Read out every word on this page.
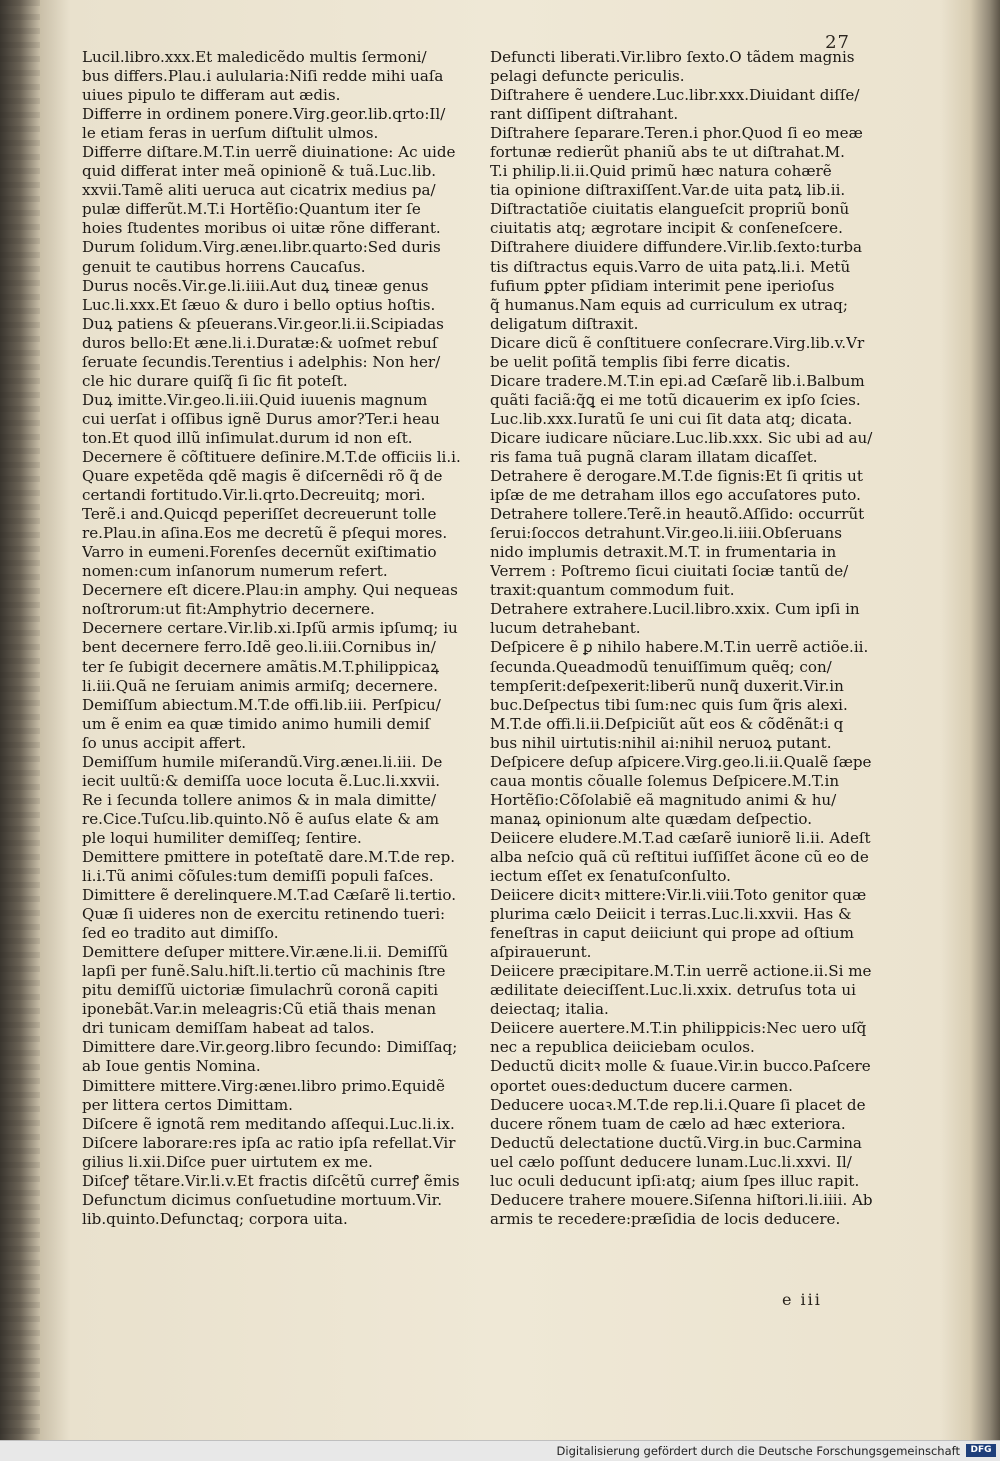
27
Lucil.libro.xxx.Et maledicẽdo multis ſermoni/
bus differs.Plau.i aulularia:Niſi redde mihi uaſa
uiues pipulo te differam aut ædis.
Differre in ordinem ponere.Virg.geor.lib.qrto:Il/
le etiam feras in uerſum diſtulit ulmos.
Differre diſtare.M.T.in uerrẽ diuinatione: Ac uide
quid differat inter meã opinionẽ & tuã.Luc.lib.
xxvii.Tamẽ aliti ueruca aut cicatrix medius pa/
pulæ differũt.M.T.i Hortẽſio:Quantum iter ſe
hoies ſtudentes moribus oi uitæ rõne differant.
Durum ſolidum.Virg.æneı.libr.quarto:Sed duris
genuit te cautibus horrens Caucaſus.
Durus nocẽs.Vir.ge.li.iiii.Aut duꝝ tineæ genus
Luc.li.xxx.Et ſæuo & duro i bello optius hoſtis.
Duꝝ patiens & pſeuerans.Vir.geor.li.ii.Scipiadas
duros bello:Et æne.li.i.Duratæ:& uoſmet rebuſ
ſeruate ſecundis.Terentius i adelphis: Non her/
cle hic durare quiſq̃ ſi ſic fit poteſt.
Duꝝ imitte.Vir.geo.li.iii.Quid iuuenis magnum
cui uerſat i oſſibus ignẽ Durus amor?Ter.i heau
ton.Et quod illũ inſimulat.durum id non eſt.
Decernere ẽ cõſtituere deſinire.M.T.de officiis li.i.
Quare expetẽda qdẽ magis ẽ diſcernẽdi rõ q̃ de
certandi fortitudo.Vir.li.qrto.Decreuitq; mori.
Terẽ.i and.Quicqd peperiſſet decreuerunt tolle
re.Plau.in aſina.Eos me decretũ ẽ pſequi mores.
Varro in eumeni.Forenſes decernũt exiſtimatio
nomen:cum inſanorum numerum refert.
Decernere eſt dicere.Plau:in amphy. Qui nequeas
noſtrorum:ut fit:Amphytrio decernere.
Decernere certare.Vir.lib.xi.Ipſũ armis ipſumq; iu
bent decernere ferro.Idẽ geo.li.iii.Cornibus in/
ter ſe ſubigit decernere amãtis.M.T.philippicaꝝ
li.iii.Quã ne ſeruiam animis armiſq; decernere.
Demiſſum abiectum.M.T.de offi.lib.iii. Perſpicu/
um ẽ enim ea quæ timido animo humili demiſ
ſo unus accipit affert.
Demiſſum humile miſerandũ.Virg.æneı.li.iii. De
iecit uultũ:& demiſſa uoce locuta ẽ.Luc.li.xxvii.
Re i ſecunda tollere animos & in mala dimitte/
re.Cice.Tuſcu.lib.quinto.Nõ ẽ auſus elate & am
ple loqui humiliter demiſſeq; ſentire.
Demittere pmittere in poteſtatẽ dare.M.T.de rep.
li.i.Tũ animi cõſules:tum demiſſi populi faſces.
Dimittere ẽ derelinquere.M.T.ad Cæſarẽ li.tertio.
Quæ ſi uideres non de exercitu retinendo tueri:
ſed eo tradito aut dimiſſo.
Demittere deſuper mittere.Vir.æne.li.ii. Demiſſũ
lapſi per funẽ.Salu.hiſt.li.tertio cũ machinis ſtre
pitu demiſſũ uictoriæ ſimulachrũ coronã capiti
iponebãt.Var.in meleagris:Cũ etiã thais menan
dri tunicam demiſſam habeat ad talos.
Dimittere dare.Vir.georg.libro ſecundo: Dimiſſaq;
ab Ioue gentis Nomina.
Dimittere mittere.Virg:æneı.libro primo.Equidẽ
per littera certos Dimittam.
Diſcere ẽ ignotã rem meditando aſſequi.Luc.li.ix.
Diſcere laborare:res ipſa ac ratio ipſa refellat.Vir
gilius li.xii.Diſce puer uirtutem ex me.
Diſceꝭ tẽtare.Vir.li.v.Et fractis diſcẽtũ curreꝭ ẽmis
Defunctum dicimus conſuetudine mortuum.Vir.
lib.quinto.Defunctaq; corpora uita.
Defuncti liberati.Vir.libro ſexto.O tãdem magnis
pelagi defuncte periculis.
Diſtrahere ẽ uendere.Luc.libr.xxx.Diuidant diſſe/
rant diſſipent diſtrahant.
Diſtrahere ſeparare.Teren.i phor.Quod ſi eo meæ
fortunæ redierũt phaniũ abs te ut diſtrahat.M.
T.i philip.li.ii.Quid primũ hæc natura cohærẽ
tia opinione diſtraxiſſent.Var.de uita patꝝ lib.ii.
Diſtractatiõe ciuitatis elangueſcit propriũ bonũ
ciuitatis atq; ægrotare incipit & conſeneſcere.
Diſtrahere diuidere diffundere.Vir.lib.ſexto:turba
tis diſtractus equis.Varro de uita patꝝ.li.i. Metũ
fufium ꝑpter pſidiam interimit pene iperioſus
q̃ humanus.Nam equis ad curriculum ex utraq;
deligatum diſtraxit.
Dicare dicũ ẽ conſtituere conſecrare.Virg.lib.v.Vr
be uelit poſitã templis ſibi ferre dicatis.
Dicare tradere.M.T.in epi.ad Cæſarẽ lib.i.Balbum
quãti faciã:q̃ꝗ ei me totũ dicauerim ex ipſo ſcies.
Luc.lib.xxx.Iuratũ ſe uni cui ſit data atq; dicata.
Dicare iudicare nũciare.Luc.lib.xxx. Sic ubi ad au/
ris fama tuã pugnã claram illatam dicaſſet.
Detrahere ẽ derogare.M.T.de ſignis:Et ſi qritis ut
ipſæ de me detraham illos ego accuſatores puto.
Detrahere tollere.Terẽ.in heautõ.Aſſido: occurrũt
ſerui:ſoccos detrahunt.Vir.geo.li.iiii.Obſeruans
nido implumis detraxit.M.T. in frumentaria in
Verrem : Poſtremo ſicui ciuitati ſociæ tantũ de/
traxit:quantum commodum fuit.
Detrahere extrahere.Lucil.libro.xxix. Cum ipſi in
lucum detrahebant.
Deſpicere ẽ ꝑ nihilo habere.M.T.in uerrẽ actiõe.ii.
ſecunda.Queadmodũ tenuiſſimum quẽq; con/
tempſerit:deſpexerit:liberũ nunq̃ duxerit.Vir.in
buc.Deſpectus tibi ſum:nec quis ſum q̃ris alexi.
M.T.de offi.li.ii.Deſpiciũt aũt eos & cõdẽnãt:i q
bus nihil uirtutis:nihil ai:nihil neruoꝝ putant.
Deſpicere deſup aſpicere.Virg.geo.li.ii.Qualẽ ſæpe
caua montis cõualle ſolemus Deſpicere.M.T.in
Hortẽſio:Cõſolabiẽ eã magnitudo animi & hu/
manaꝝ opinionum alte quædam deſpectio.
Deiicere eludere.M.T.ad cæſarẽ iuniorẽ li.ii. Adeſt
alba neſcio quã cũ reſtitui iuſſiſſet ãcone cũ eo de
iectum eſſet ex ſenatuſconſulto.
Deiicere dicitꝛ mittere:Vir.li.viii.Toto genitor quæ
plurima cælo Deiicit i terras.Luc.li.xxvii. Has &
feneſtras in caput deiiciunt qui prope ad oſtium
aſpirauerunt.
Deiicere præcipitare.M.T.in uerrẽ actione.ii.Si me
ædilitate deieciſſent.Luc.li.xxix. detruſus tota ui
deiectaq; italia.
Deiicere auertere.M.T.in philippicis:Nec uero uſq̃
nec a republica deiiciebam oculos.
Deductũ dicitꝛ molle & ſuaue.Vir.in bucco.Paſcere
oportet oues:deductum ducere carmen.
Deducere uocaꝛ.M.T.de rep.li.i.Quare ſi placet de
ducere rõnem tuam de cælo ad hæc exteriora.
Deductũ delectatione ductũ.Virg.in buc.Carmina
uel cælo poſſunt deducere lunam.Luc.li.xxvi. Il/
luc oculi deducunt ipſi:atq; aium ſpes illuc rapit.
Deducere trahere mouere.Siſenna hiſtori.li.iiii. Ab
armis te recedere:præſidia de locis deducere.
e iii
Digitalisierung gefördert durch die Deutsche Forschungsgemeinschaft	DFG
